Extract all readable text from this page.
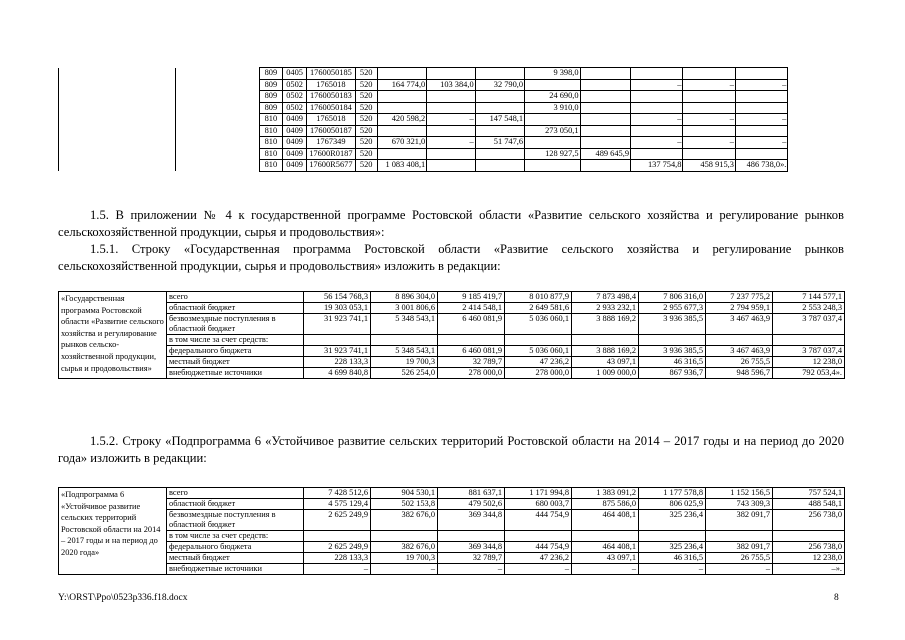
		809	0405	1760050185	520				9 398,0				
		809	0502	1765018	520	164 774,0	103 384,0	32 790,0			–	–	–
		809	0502	1760050183	520				24 690,0				
		809	0502	1760050184	520				3 910,0				
		810	0409	1765018	520	420 598,2	–	147 548,1			–	–	–
		810	0409	1760050187	520				273 050,1				
		810	0409	1767349	520	670 321,0	–	51 747,6			–	–	–
		810	0409	17600R0187	520				128 927,5	489 645,9			
		810	0409	17600R5677	520	1 083 408,1					137 754,8	458 915,3	486 738,0».
1.5. В приложении № 4 к государственной программе Ростовской области «Развитие сельского хозяйства и регулирование рынков сельскохозяйственной продукции, сырья и продовольствия»:
1.5.1. Строку «Государственная программа Ростовской области «Развитие сельского хозяйства и регулирование рынков сельскохозяйственной продукции, сырья и продовольствия» изложить в редакции:
«Государственная программа Ростовской области «Развитие сельского хозяйства и регулирование рынков сельско-хозяйственной продукции, сырья и продовольствия»	всего	56 154 768,3	8 896 304,0	9 185 419,7	8 010 877,9	7 873 498,4	7 806 316,0	7 237 775,2	7 144 577,1
	областной бюджет	19 303 053,1	3 001 806,6	2 414 548,1	2 649 581,6	2 933 232,1	2 955 677,3	2 794 959,1	2 553 248,3
	безвозмездные поступления в областной бюджет	31 923 741,1	5 348 543,1	6 460 081,9	5 036 060,1	3 888 169,2	3 936 385,5	3 467 463,9	3 787 037,4
	в том числе за счет средств:								
	федерального бюджета	31 923 741,1	5 348 543,1	6 460 081,9	5 036 060,1	3 888 169,2	3 936 385,5	3 467 463,9	3 787 037,4
	местный бюджет	228 133,3	19 700,3	32 789,7	47 236,2	43 097,1	46 316,5	26 755,5	12 238,0
	внебюджетные источники	4 699 840,8	526 254,0	278 000,0	278 000,0	1 009 000,0	867 936,7	948 596,7	792 053,4».
1.5.2. Строку «Подпрограмма 6 «Устойчивое развитие сельских территорий Ростовской области на 2014 – 2017 годы и на период до 2020 года» изложить в редакции:
«Подпрограмма 6 «Устойчивое развитие сельских территорий Ростовской области на 2014 – 2017 годы и на период до 2020 года»	всего	7 428 512,6	904 530,1	881 637,1	1 171 994,8	1 383 091,2	1 177 578,8	1 152 156,5	757 524,1
	областной бюджет	4 575 129,4	502 153,8	479 502,6	680 003,7	875 586,0	806 025,9	743 309,3	488 548,1
	безвозмездные поступления в областной бюджет	2 625 249,9	382 676,0	369 344,8	444 754,9	464 408,1	325 236,4	382 091,7	256 738,0
	в том числе за счет средств:								
	федерального бюджета	2 625 249,9	382 676,0	369 344,8	444 754,9	464 408,1	325 236,4	382 091,7	256 738,0
	местный бюджет	228 133,3	19 700,3	32 789,7	47 236,2	43 097,1	46 316,5	26 755,5	12 238,0
	внебюджетные источники	–	–	–	–	–	–	–	–».
Y:\ORST\Ppo\0523p336.f18.docx	8
